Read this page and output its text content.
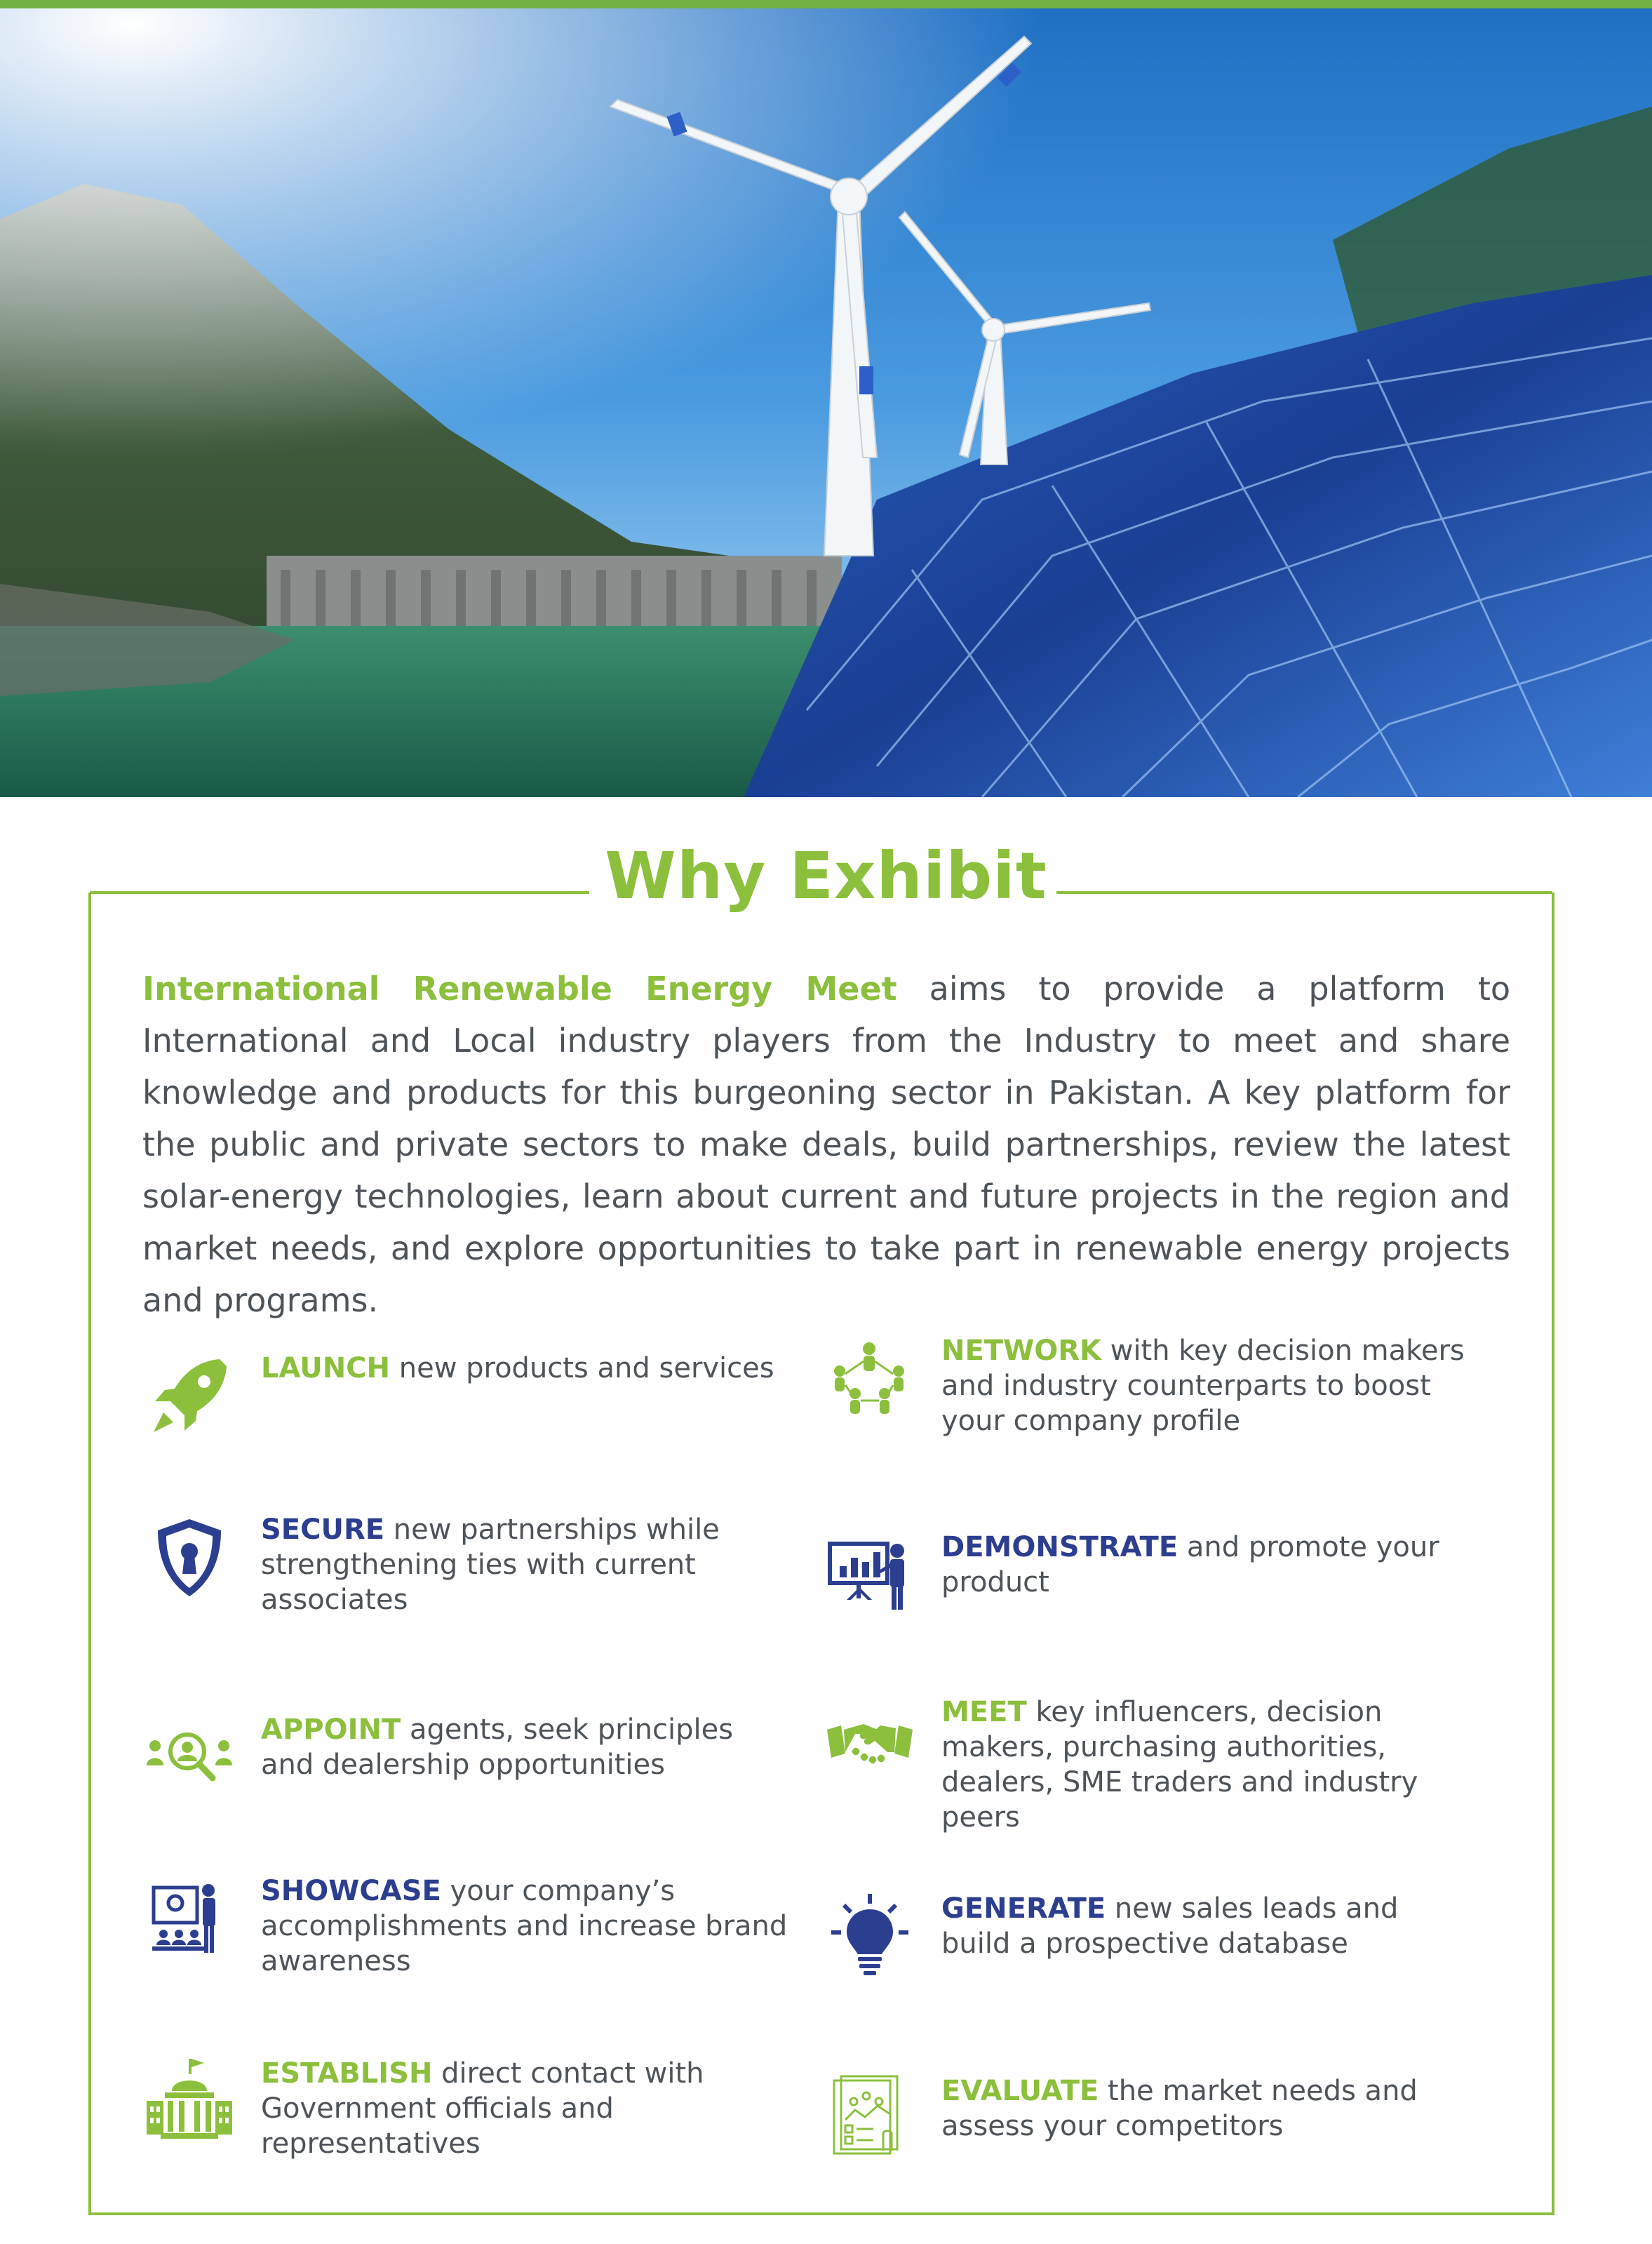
Why Exhibit

International Renewable Energy Meet aims to provide a platform to International and Local industry players from the Industry to meet and share knowledge and products for this burgeoning sector in Pakistan. A key platform for the public and private sectors to make deals, build partnerships, review the latest solar-energy technologies, learn about current and future projects in the region and market needs, and explore opportunities to take part in renewable energy projects and programs.

LAUNCH new products and services
NETWORK with key decision makers and industry counterparts to boost your company profile
SECURE new partnerships while strengthening ties with current associates
DEMONSTRATE and promote your product
APPOINT agents, seek principles and dealership opportunities
MEET key influencers, decision makers, purchasing authorities, dealers, SME traders and industry peers
SHOWCASE your company’s accomplishments and increase brand awareness
GENERATE new sales leads and build a prospective database
ESTABLISH direct contact with Government officials and representatives
EVALUATE the market needs and assess your competitors
